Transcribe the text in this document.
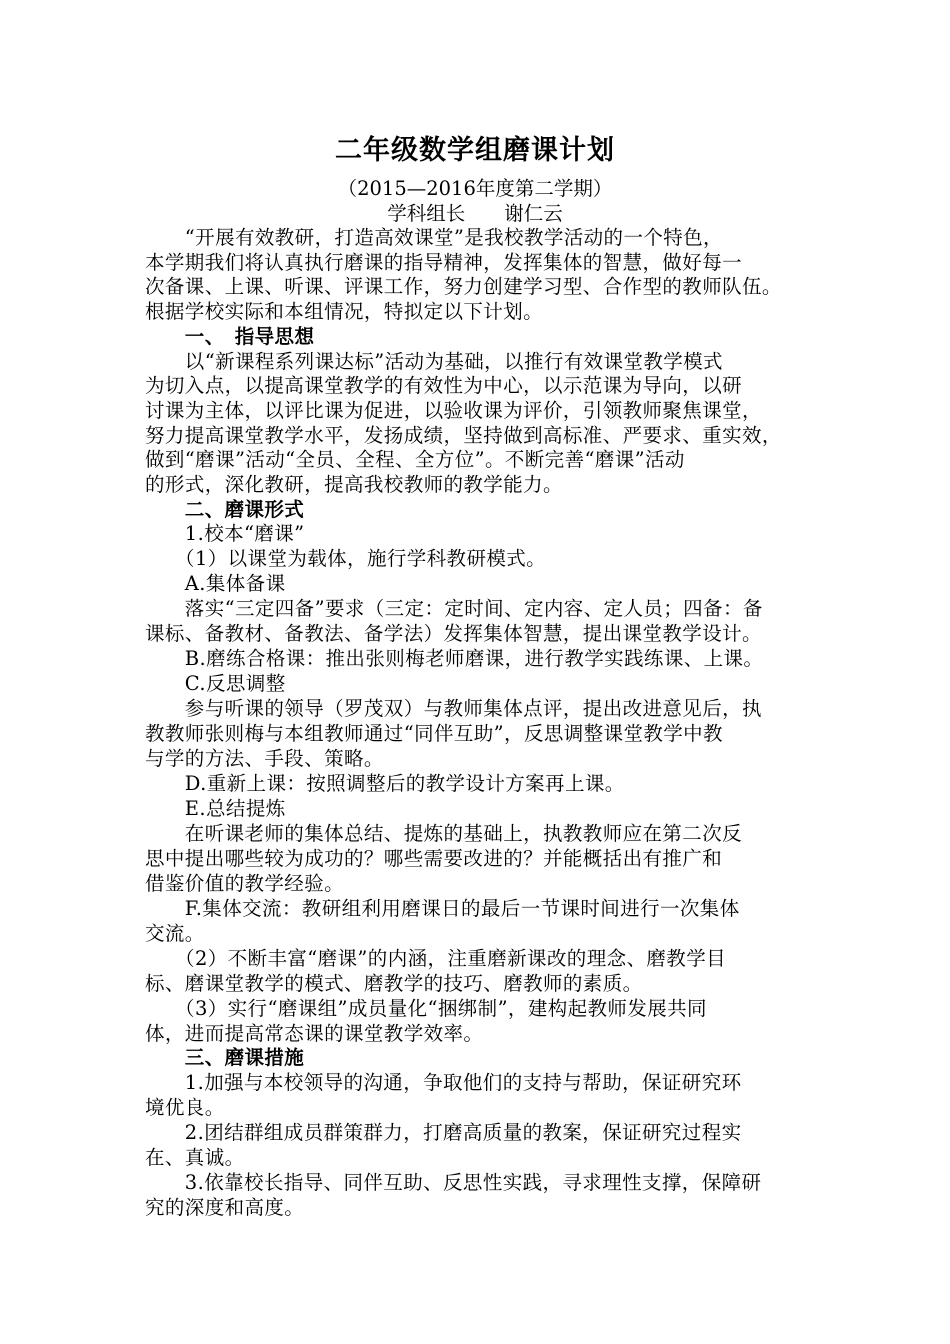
二年级数学组磨课计划
（2015—2016年度第二学期）
学科组长　　谢仁云
　　“开展有效教研，打造高效课堂”是我校教学活动的一个特色，
本学期我们将认真执行磨课的指导精神，发挥集体的智慧，做好每一
次备课、上课、听课、评课工作，努力创建学习型、合作型的教师队伍。
根据学校实际和本组情况，特拟定以下计划。
　　一、　指导思想
　　以“新课程系列课达标”活动为基础，以推行有效课堂教学模式
为切入点，以提高课堂教学的有效性为中心，以示范课为导向，以研
讨课为主体，以评比课为促进，以验收课为评价，引领教师聚焦课堂，
努力提高课堂教学水平，发扬成绩，坚持做到高标准、严要求、重实效，
做到“磨课”活动“全员、全程、全方位”。不断完善“磨课”活动
的形式，深化教研，提高我校教师的教学能力。
　　二、磨课形式
　　1.校本“磨课”
　　（1）以课堂为载体，施行学科教研模式。
　　A.集体备课
　　落实“三定四备”要求（三定：定时间、定内容、定人员；四备：备
课标、备教材、备教法、备学法）发挥集体智慧，提出课堂教学设计。
　　B.磨练合格课：推出张则梅老师磨课，进行教学实践练课、上课。
　　C.反思调整
　　参与听课的领导（罗茂双）与教师集体点评，提出改进意见后，执
教教师张则梅与本组教师通过“同伴互助”，反思调整课堂教学中教
与学的方法、手段、策略。
　　D.重新上课：按照调整后的教学设计方案再上课。
　　E.总结提炼
　　在听课老师的集体总结、提炼的基础上，执教教师应在第二次反
思中提出哪些较为成功的？哪些需要改进的？并能概括出有推广和
借鉴价值的教学经验。
　　F.集体交流：教研组利用磨课日的最后一节课时间进行一次集体
交流。
　　（2）不断丰富“磨课”的内涵，注重磨新课改的理念、磨教学目
标、磨课堂教学的模式、磨教学的技巧、磨教师的素质。
　　（3）实行“磨课组”成员量化“捆绑制”，建构起教师发展共同
体，进而提高常态课的课堂教学效率。
　　三、磨课措施
　　1.加强与本校领导的沟通，争取他们的支持与帮助，保证研究环
境优良。
　　2.团结群组成员群策群力，打磨高质量的教案，保证研究过程实
在、真诚。
　　3.依靠校长指导、同伴互助、反思性实践，寻求理性支撑，保障研
究的深度和高度。
